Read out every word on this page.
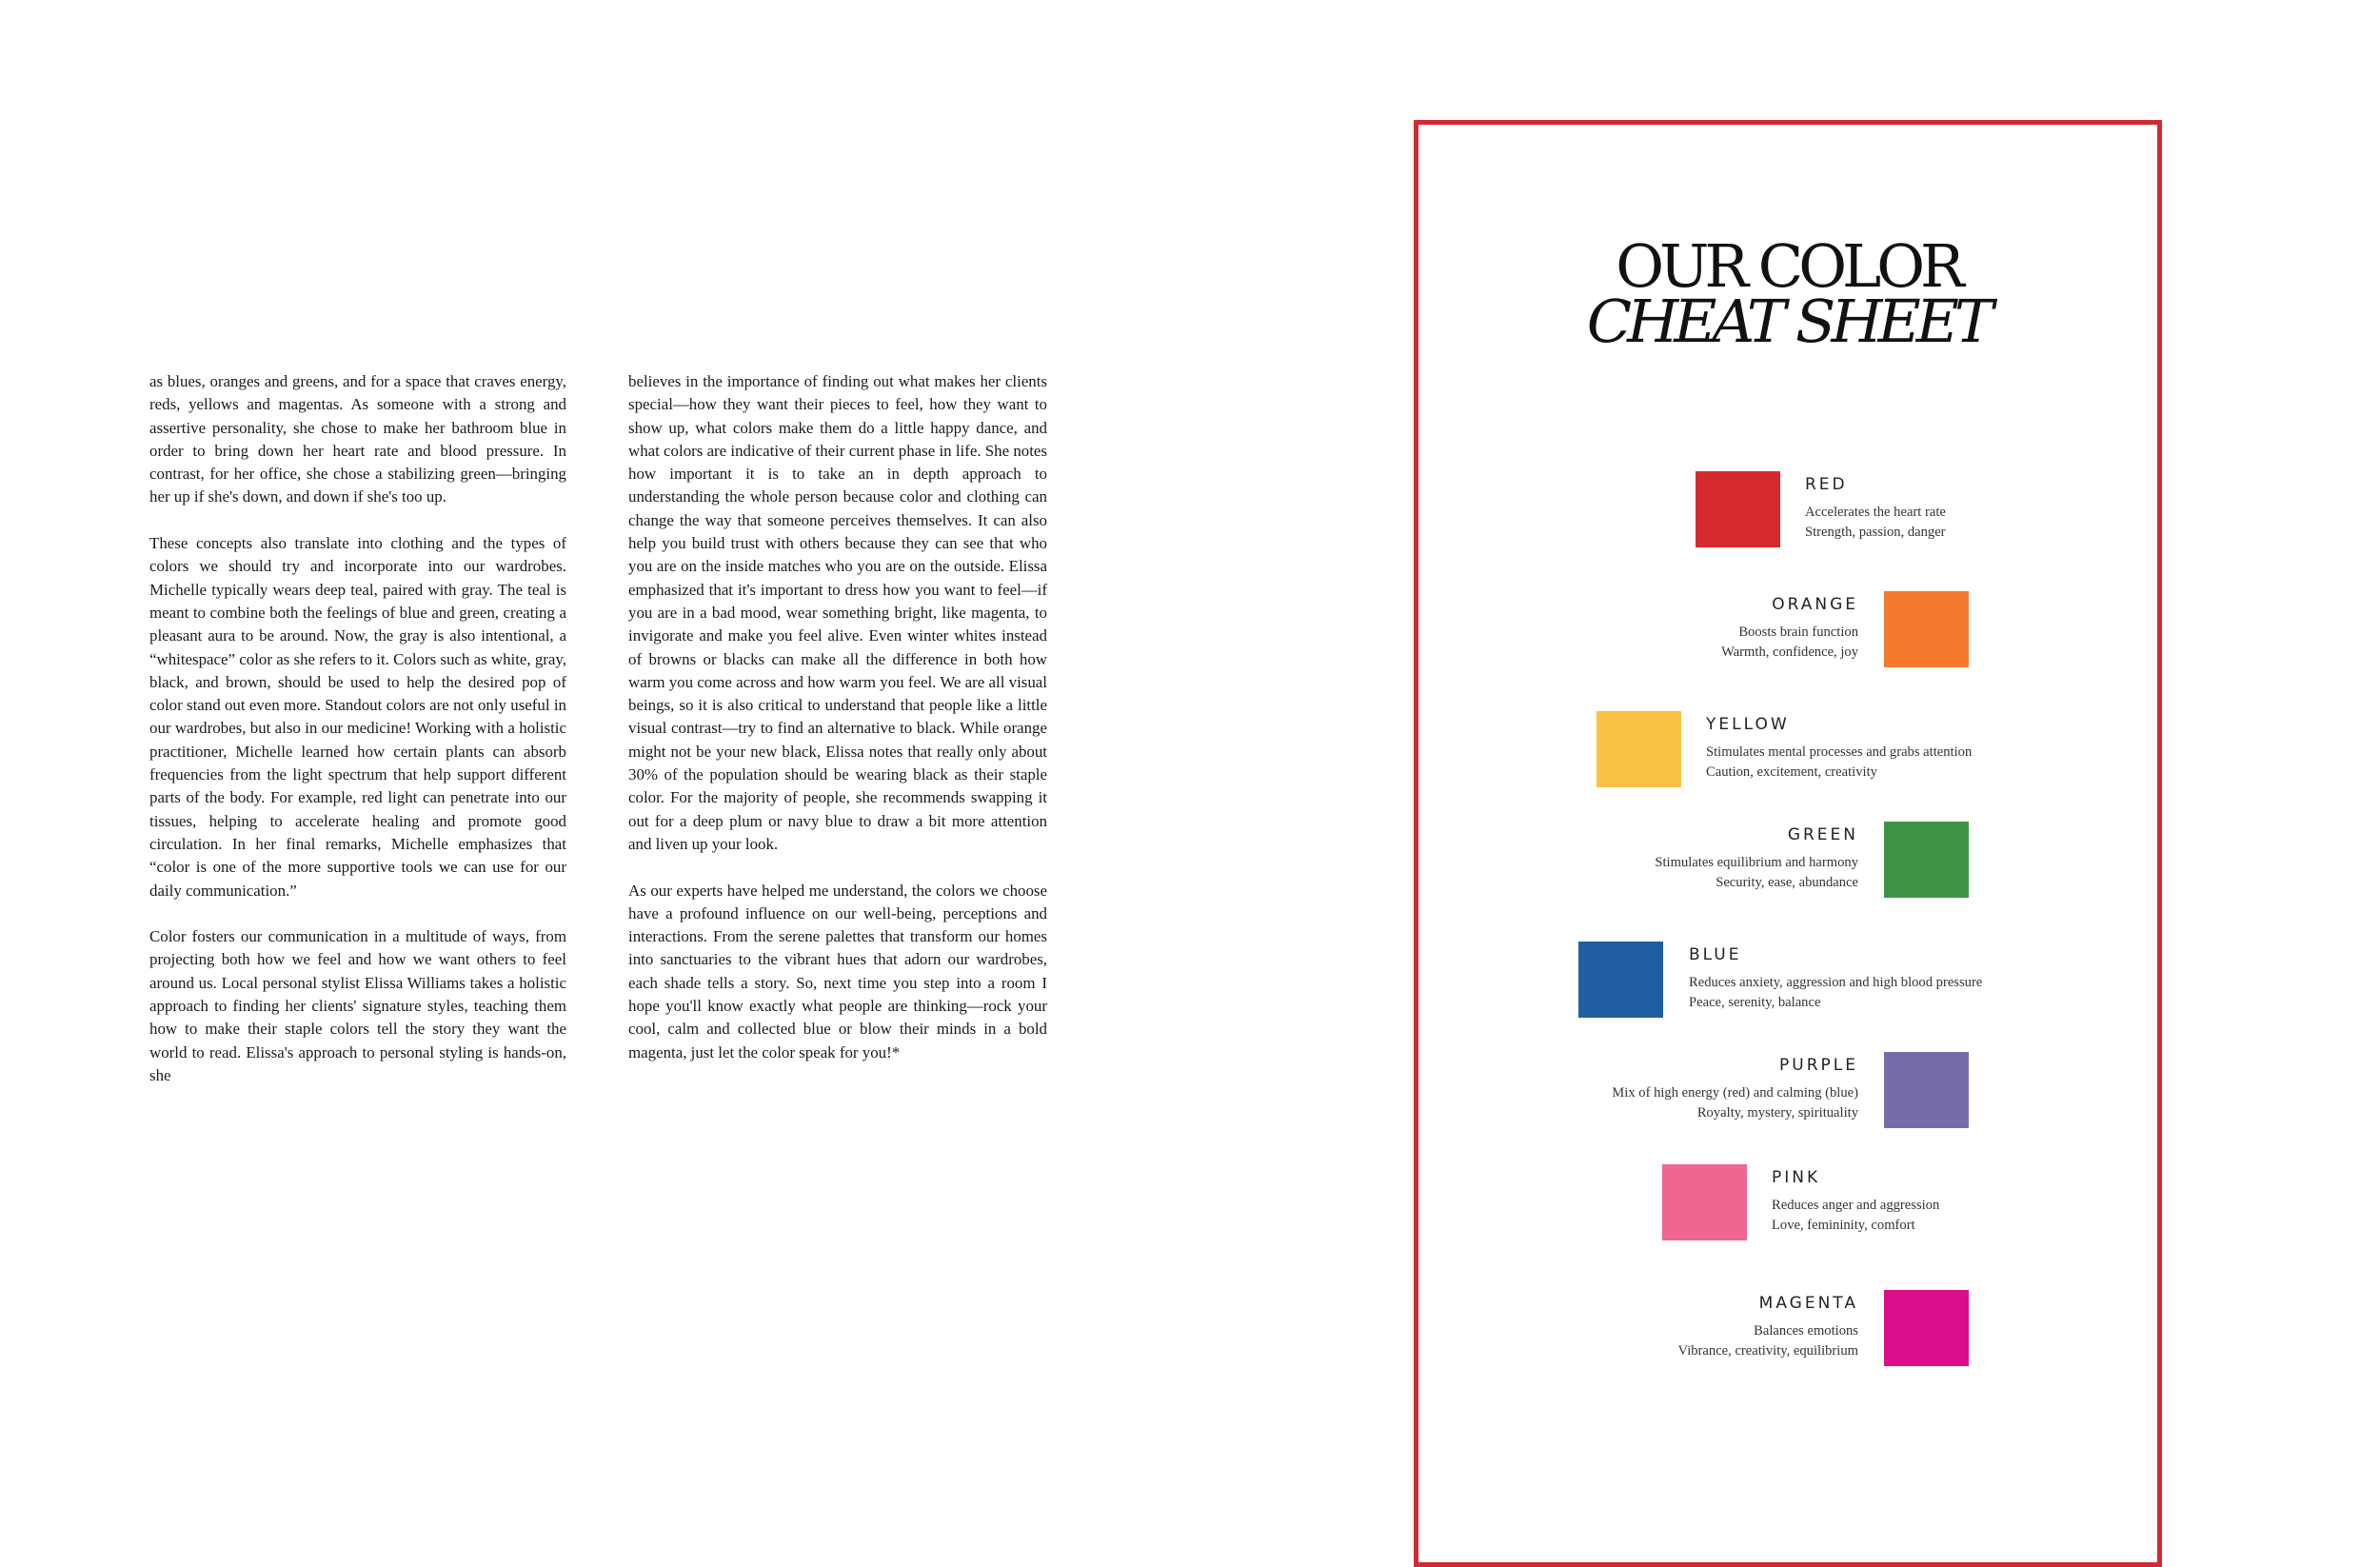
as blues, oranges and greens, and for a space that craves energy, reds, yellows and magentas. As someone with a strong and assertive personality, she chose to make her bathroom blue in order to bring down her heart rate and blood pressure. In contrast, for her office, she chose a stabilizing green—bringing her up if she's down, and down if she's too up.

These concepts also translate into clothing and the types of colors we should try and incorporate into our wardrobes. Michelle typically wears deep teal, paired with gray. The teal is meant to combine both the feelings of blue and green, creating a pleasant aura to be around. Now, the gray is also intentional, a “whitespace” color as she refers to it. Colors such as white, gray, black, and brown, should be used to help the desired pop of color stand out even more. Standout colors are not only useful in our wardrobes, but also in our medicine! Working with a holistic practitioner, Michelle learned how certain plants can absorb frequencies from the light spectrum that help support different parts of the body. For example, red light can penetrate into our tissues, helping to accelerate healing and promote good circulation. In her final remarks, Michelle emphasizes that “color is one of the more supportive tools we can use for our daily communication.”

Color fosters our communication in a multitude of ways, from projecting both how we feel and how we want others to feel around us. Local personal stylist Elissa Williams takes a holistic approach to finding her clients' signature styles, teaching them how to make their staple colors tell the story they want the world to read. Elissa's approach to personal styling is hands-on, she

believes in the importance of finding out what makes her clients special—how they want their pieces to feel, how they want to show up, what colors make them do a little happy dance, and what colors are indicative of their current phase in life. She notes how important it is to take an in depth approach to understanding the whole person because color and clothing can change the way that someone perceives themselves. It can also help you build trust with others because they can see that who you are on the inside matches who you are on the outside. Elissa emphasized that it's important to dress how you want to feel—if you are in a bad mood, wear something bright, like magenta, to invigorate and make you feel alive. Even winter whites instead of browns or blacks can make all the difference in both how warm you come across and how warm you feel. We are all visual beings, so it is also critical to understand that people like a little visual contrast—try to find an alternative to black. While orange might not be your new black, Elissa notes that really only about 30% of the population should be wearing black as their staple color. For the majority of people, she recommends swapping it out for a deep plum or navy blue to draw a bit more attention and liven up your look.

As our experts have helped me understand, the colors we choose have a profound influence on our well-being, perceptions and interactions. From the serene palettes that transform our homes into sanctuaries to the vibrant hues that adorn our wardrobes, each shade tells a story. So, next time you step into a room I hope you'll know exactly what people are thinking—rock your cool, calm and collected blue or blow their minds in a bold magenta, just let the color speak for you!*

OUR COLOR
CHEAT SHEET
RED
Accelerates the heart rate
Strength, passion, danger
ORANGE
Boosts brain function
Warmth, confidence, joy
YELLOW
Stimulates mental processes and grabs attention
Caution, excitement, creativity
GREEN
Stimulates equilibrium and harmony
Security, ease, abundance
BLUE
Reduces anxiety, aggression and high blood pressure
Peace, serenity, balance
PURPLE
Mix of high energy (red) and calming (blue)
Royalty, mystery, spirituality
PINK
Reduces anger and aggression
Love, femininity, comfort
MAGENTA
Balances emotions
Vibrance, creativity, equilibrium
